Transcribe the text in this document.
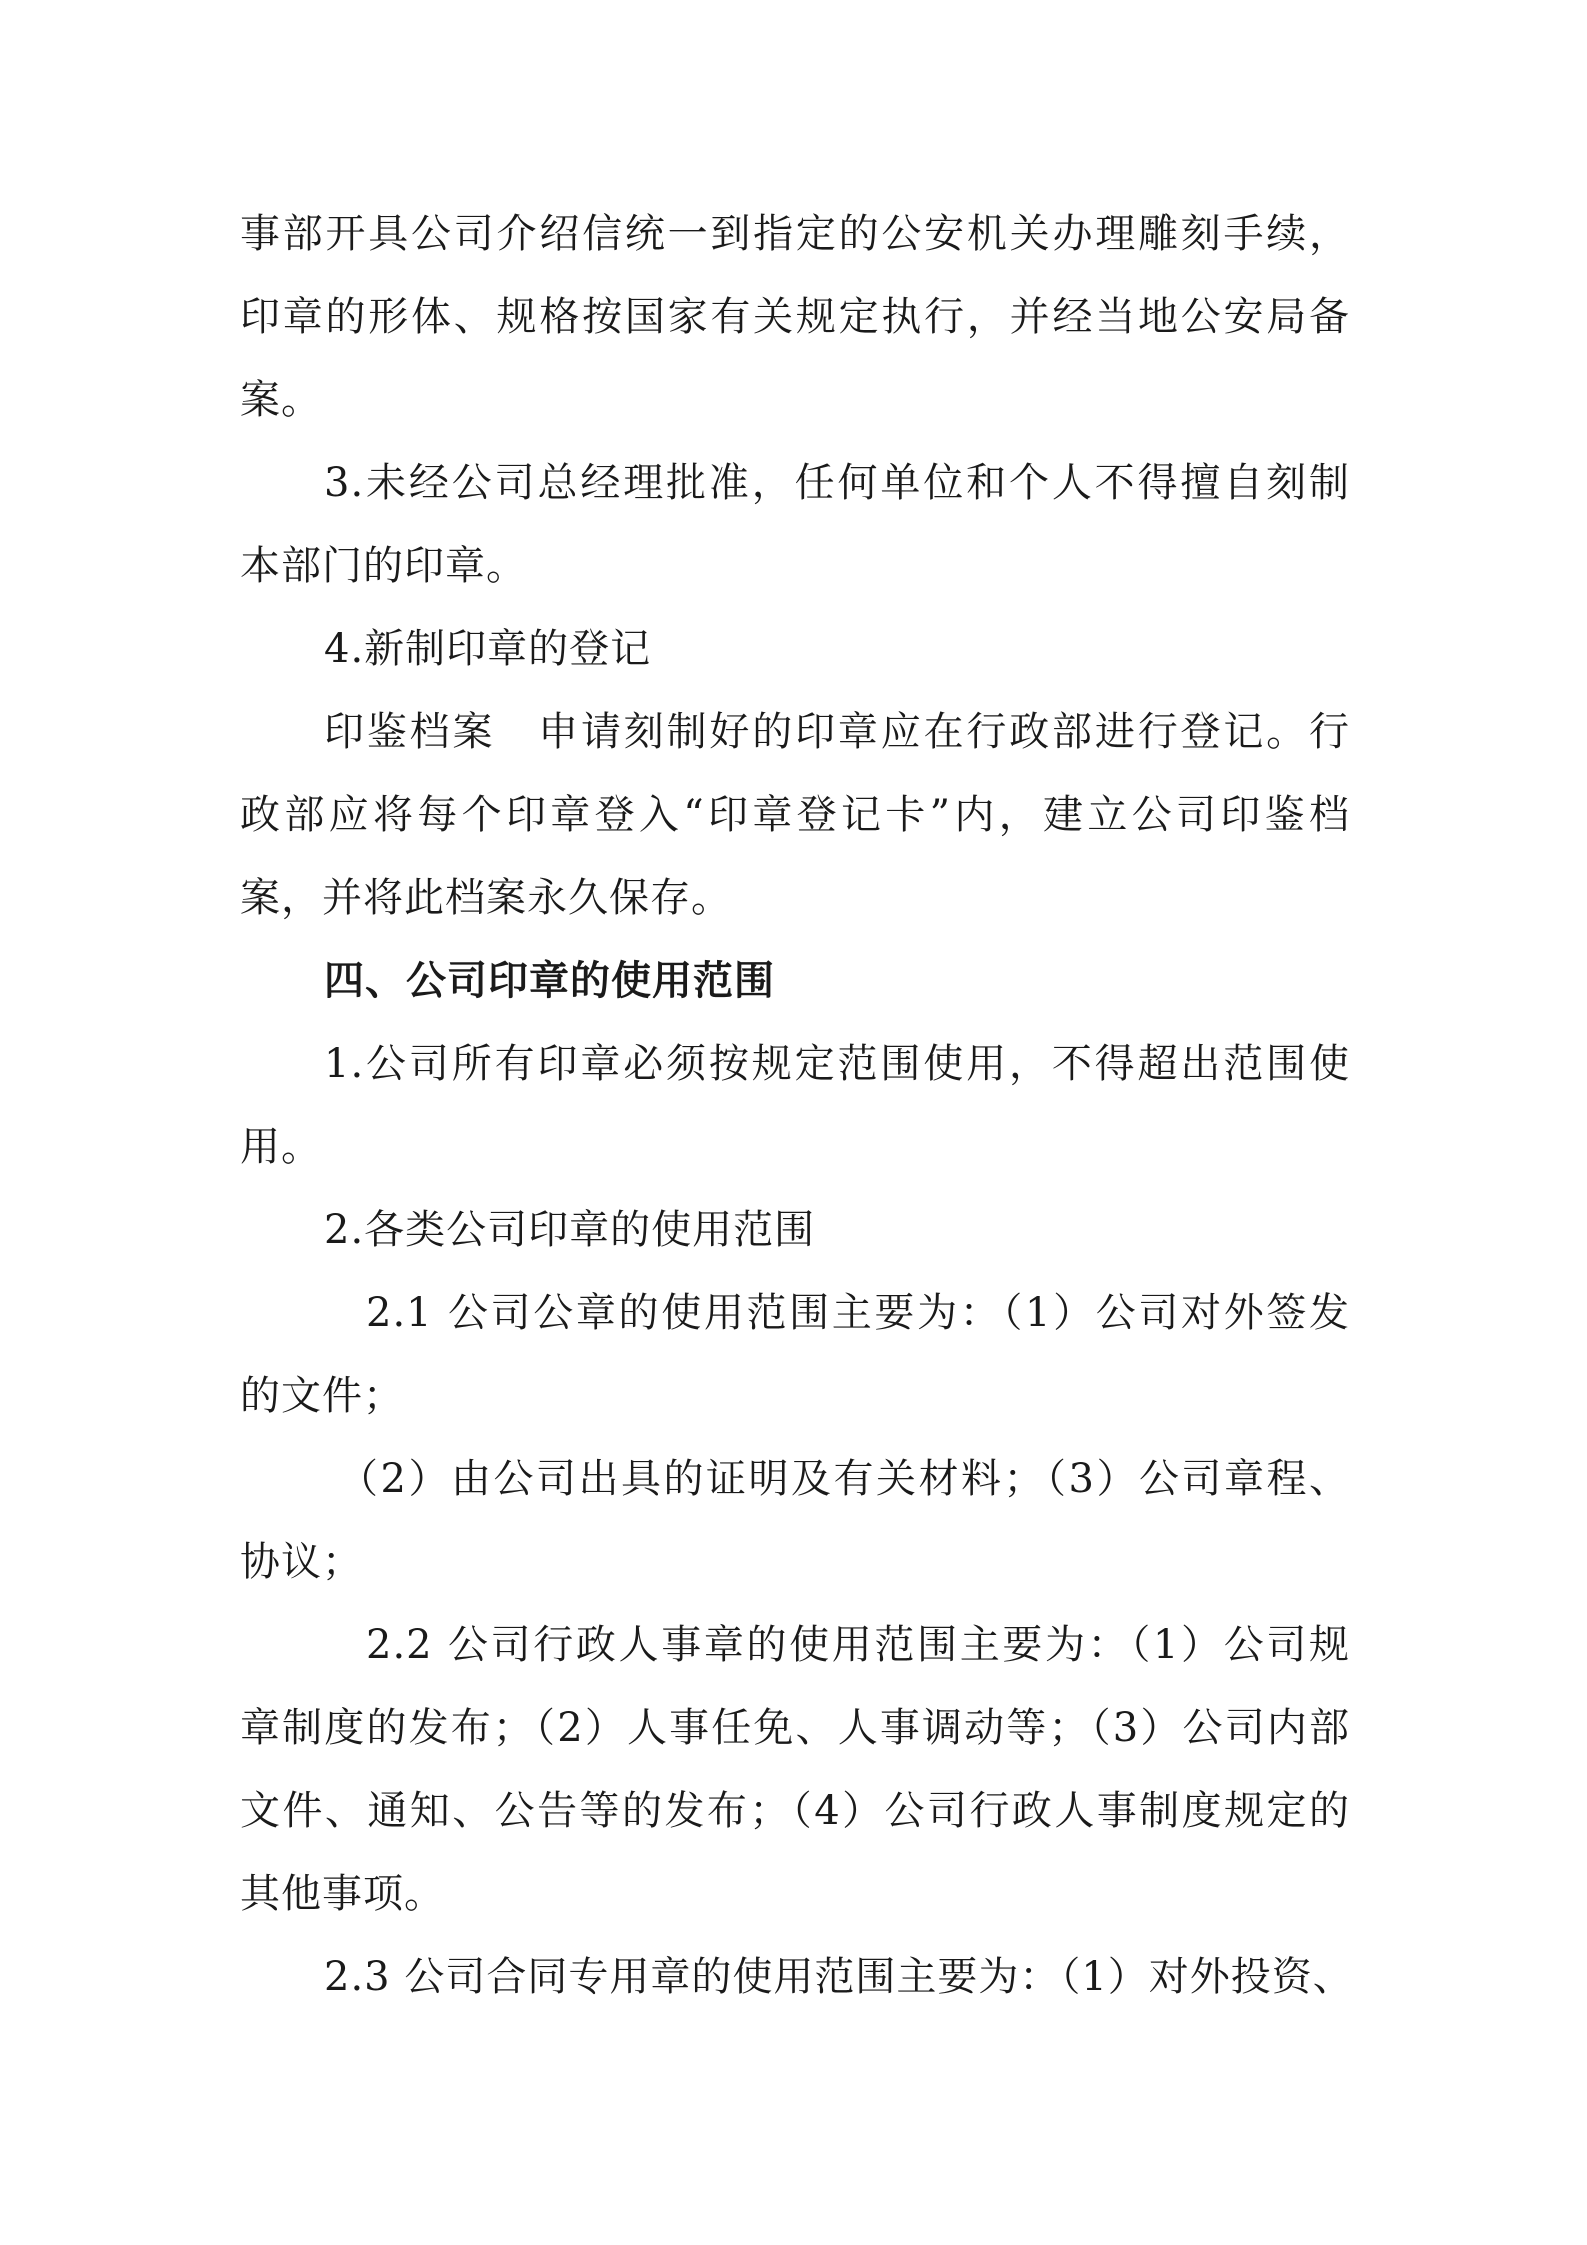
事部开具公司介绍信统一到指定的公安机关办理雕刻手续，
印章的形体、规格按国家有关规定执行，并经当地公安局备
案。
3.未经公司总经理批准，任何单位和个人不得擅自刻制
本部门的印章。
4.新制印章的登记
印鉴档案　申请刻制好的印章应在行政部进行登记。行
政部应将每个印章登入“印章登记卡”内，建立公司印鉴档
案，并将此档案永久保存。
四、公司印章的使用范围
1.公司所有印章必须按规定范围使用，不得超出范围使
用。
2.各类公司印章的使用范围
2.1 公司公章的使用范围主要为：（1）公司对外签发
的文件；
（2）由公司出具的证明及有关材料；（3）公司章程、
协议；
2.2 公司行政人事章的使用范围主要为：（1）公司规
章制度的发布；（2）人事任免、人事调动等；（3）公司内部
文件、通知、公告等的发布；（4）公司行政人事制度规定的
其他事项。
2.3 公司合同专用章的使用范围主要为：（1）对外投资、
